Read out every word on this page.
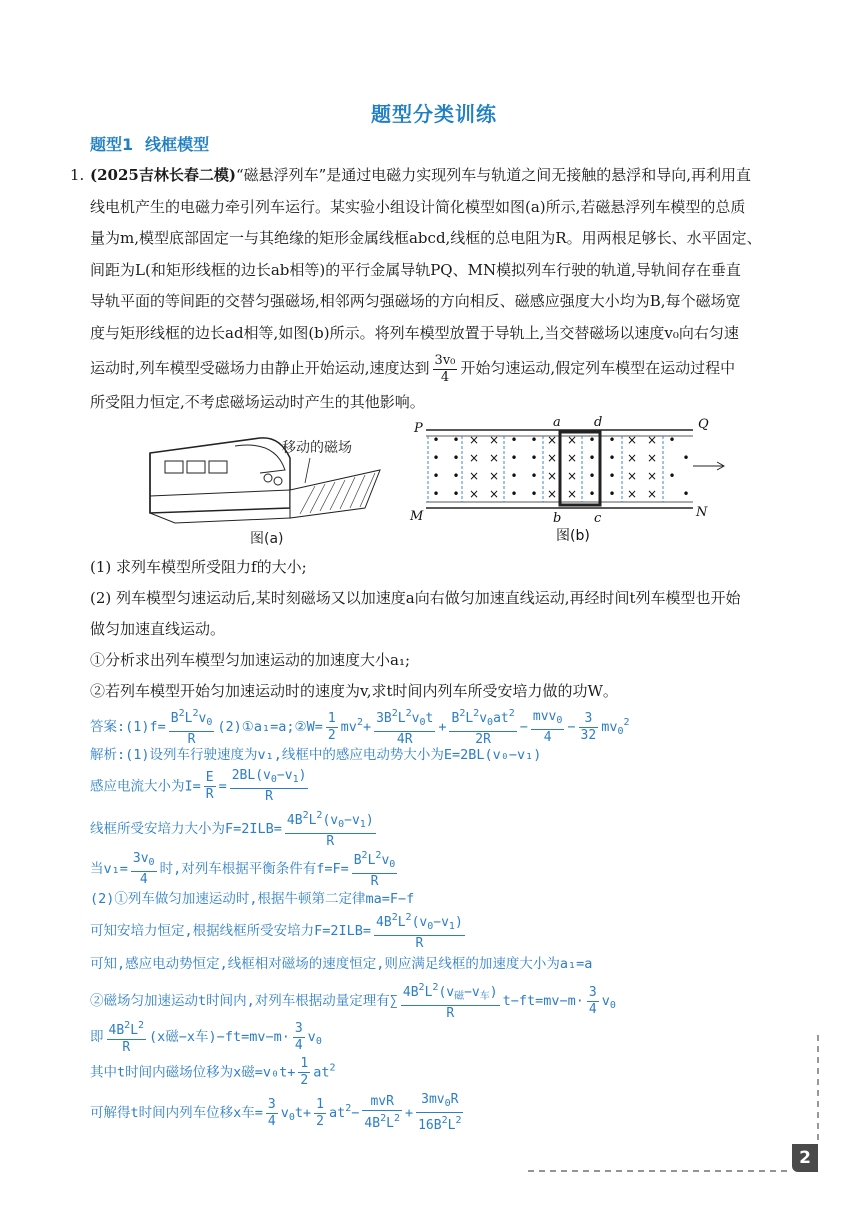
题型分类训练
题型1 线框模型
1. (2025吉林长春二模)“磁悬浮列车”是通过电磁力实现列车与轨道之间无接触的悬浮和导向,再利用直

线电机产生的电磁力牵引列车运行。某实验小组设计简化模型如图(a)所示,若磁悬浮列车模型的总质

量为m,模型底部固定一与其绝缘的矩形金属线框abcd,线框的总电阻为R。用两根足够长、水平固定、

间距为L(和矩形线框的边长ab相等)的平行金属导轨PQ、MN模拟列车行驶的轨道,导轨间存在垂直

导轨平面的等间距的交替匀强磁场,相邻两匀强磁场的方向相反、磁感应强度大小均为B,每个磁场宽

度与矩形线框的边长ad相等,如图(b)所示。将列车模型放置于导轨上,当交替磁场以速度v₀向右匀速

运动时,列车模型受磁场力由静止开始运动,速度达到 $\frac{\text{3v₀}}{4}$ 开始匀速运动,假定列车模型在运动过程中

所受阻力恒定,不考虑磁场运动时产生的其他影响。

移动的磁场
图(a)
• •
• •
• •
• •
× ×
× ×
× ×
× ×
• •
• •
• •
• •
× ×
× ×
× ×
× ×
• •
• •
• •
• •
× ×
× ×
× ×
× ×
•
•
•
•
P	Q
M	N
a	d
b	c
图(b)
(1) 求列车模型所受阻力f的大小;
(2) 列车模型匀速运动后,某时刻磁场又以加速度a向右做匀加速直线运动,再经时间t列车模型也开始
做匀加速直线运动。
①分析求出列车模型匀加速运动的加速度大小a₁;
②若列车模型开始匀加速运动时的速度为v,求t时间内列车所受安培力做的功W。
答案:(1)f= $\frac{B^2L^2v_0}{R}$ (2)①a₁=a;②W= $\frac{1}{2} mv^2+ \frac{3B^2L^2v_0t}{4R} + \frac{B^2L^2v_0at^2}{2R} - \frac{mvv_0}{4} - \frac{3}{32} mv_0^2$
解析:(1)设列车行驶速度为v₁,线框中的感应电动势大小为E=2BL(v₀−v₁)
感应电流大小为$I= \frac{E}{R} = \frac{2BL(v_0-v_1)}{R}$
线框所受安培力大小为$F=2ILB= \frac{4B^2L^2(v_0-v_1)}{R}$
当$v_1= \frac{3v_0}{4}$ 时,对列车根据平衡条件有$f=F= \frac{B^2L^2v_0}{R}$
(2)①列车做匀加速运动时,根据牛顿第二定律ma=F−f
可知安培力恒定,根据线框所受安培力$F=2ILB= \frac{4B^2L^2(v_0-v_1)}{R}$
可知,感应电动势恒定,线框相对磁场的速度恒定,则应满足线框的加速度大小为a₁=a
②磁场匀加速运动t时间内,对列车根据动量定理有∑ $\frac{4B^2L^2(v_磁-v_车)}{R} t-ft=mv-m\cdot \frac{3}{4} v_0$
即 $\frac{4B^2L^2}{R} (x$磁−x车)$-ft=mv-m\cdot \frac{3}{4} v_0$
其中t时间内磁场位移为x磁$=v_0t+ \frac{1}{2} at^2$
可解得t时间内列车位移x车= $\frac{3}{4} v_0t+ \frac{1}{2} at^2- \frac{\text{mvR}}{4B^2L^2} + \frac{3mv_0R}{16B^2L^2}$
2
